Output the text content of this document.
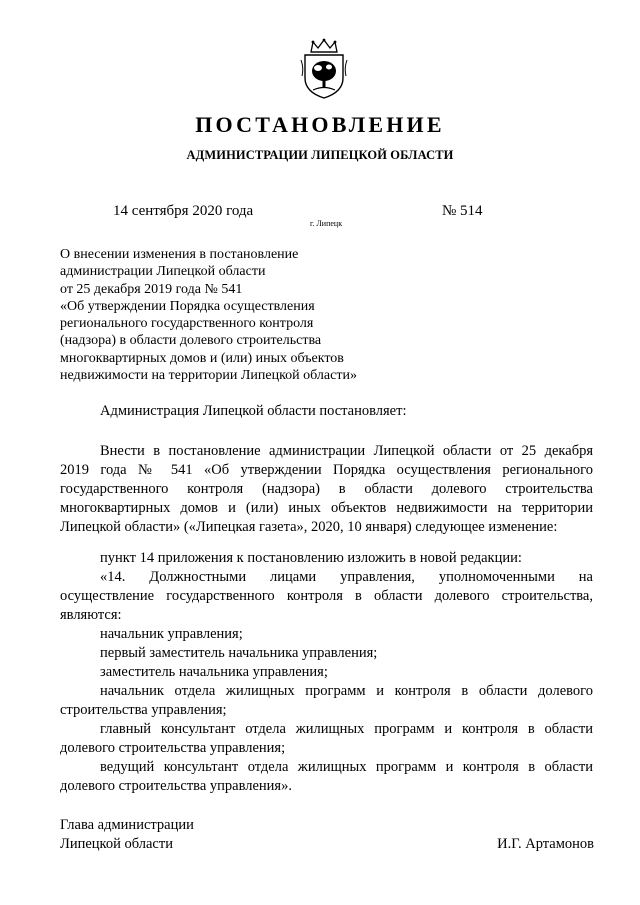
ПОСТАНОВЛЕНИЕ
АДМИНИСТРАЦИИ ЛИПЕЦКОЙ ОБЛАСТИ
14 сентября 2020 года
г. Липецк
№ 514
О внесении изменения в постановление
администрации Липецкой области
от 25 декабря 2019 года № 541
«Об утверждении Порядка осуществления
регионального государственного контроля
(надзора) в области долевого строительства
многоквартирных домов и (или) иных объектов
недвижимости на территории Липецкой области»
Администрация Липецкой области постановляет:
Внести в постановление администрации Липецкой области от 25 декабря
2019 года № 541 «Об утверждении Порядка осуществления регионального
государственного контроля (надзора) в области долевого строительства
многоквартирных домов и (или) иных объектов недвижимости на территории
Липецкой области» («Липецкая газета», 2020, 10 января) следующее изменение:
пункт 14 приложения к постановлению изложить в новой редакции:
«14. Должностными лицами управления, уполномоченными на
осуществление государственного контроля в области долевого строительства,
являются:
начальник управления;
первый заместитель начальника управления;
заместитель начальника управления;
начальник отдела жилищных программ и контроля в области долевого
строительства управления;
главный консультант отдела жилищных программ и контроля в области
долевого строительства управления;
ведущий консультант отдела жилищных программ и контроля в области
долевого строительства управления».
Глава администрации
Липецкой области	И.Г. Артамонов
